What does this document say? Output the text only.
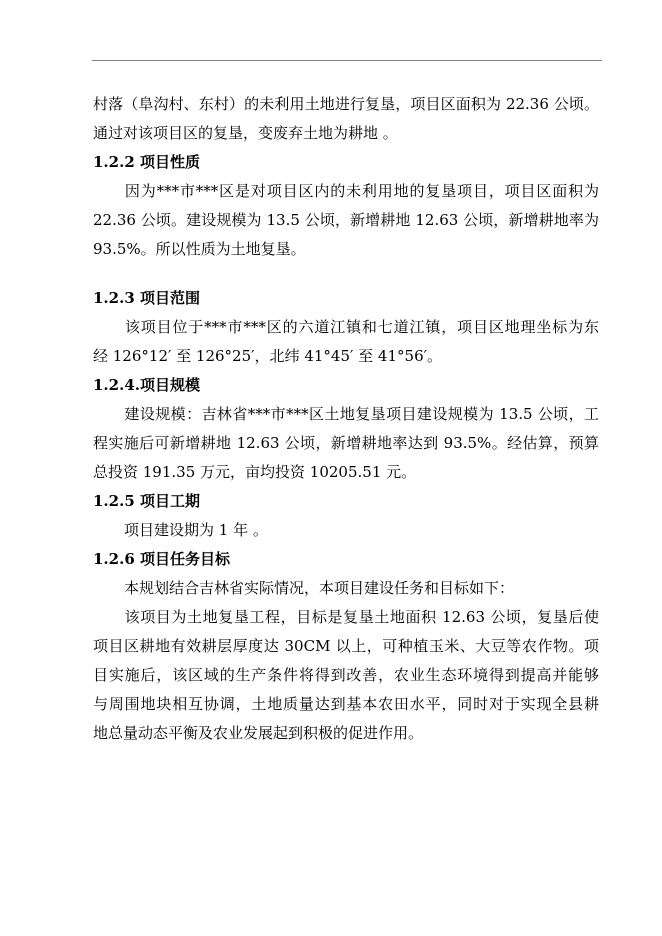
村落（阜沟村、东村）的未利用土地进行复垦，项目区面积为 22.36 公顷。

通过对该项目区的复垦，变废弃土地为耕地 。

1.2.2 项目性质

因为***市***区是对项目区内的未利用地的复垦项目，项目区面积为

22.36 公顷。建设规模为 13.5 公顷，新增耕地 12.63 公顷，新增耕地率为

93.5%。所以性质为土地复垦。

1.2.3 项目范围

该项目位于***市***区的六道江镇和七道江镇，项目区地理坐标为东

经 126°12′ 至 126°25′，北纬 41°45′ 至 41°56′。

1.2.4.项目规模

建设规模：吉林省***市***区土地复垦项目建设规模为 13.5 公顷，工

程实施后可新增耕地 12.63 公顷，新增耕地率达到 93.5%。经估算，预算

总投资 191.35 万元，亩均投资 10205.51 元。

1.2.5 项目工期

项目建设期为 1 年 。

1.2.6 项目任务目标

本规划结合吉林省实际情况，本项目建设任务和目标如下：

该项目为土地复垦工程，目标是复垦土地面积 12.63 公顷，复垦后使

项目区耕地有效耕层厚度达 30CM 以上，可种植玉米、大豆等农作物。项

目实施后，该区域的生产条件将得到改善，农业生态环境得到提高并能够

与周围地块相互协调，土地质量达到基本农田水平，同时对于实现全县耕

地总量动态平衡及农业发展起到积极的促进作用。
